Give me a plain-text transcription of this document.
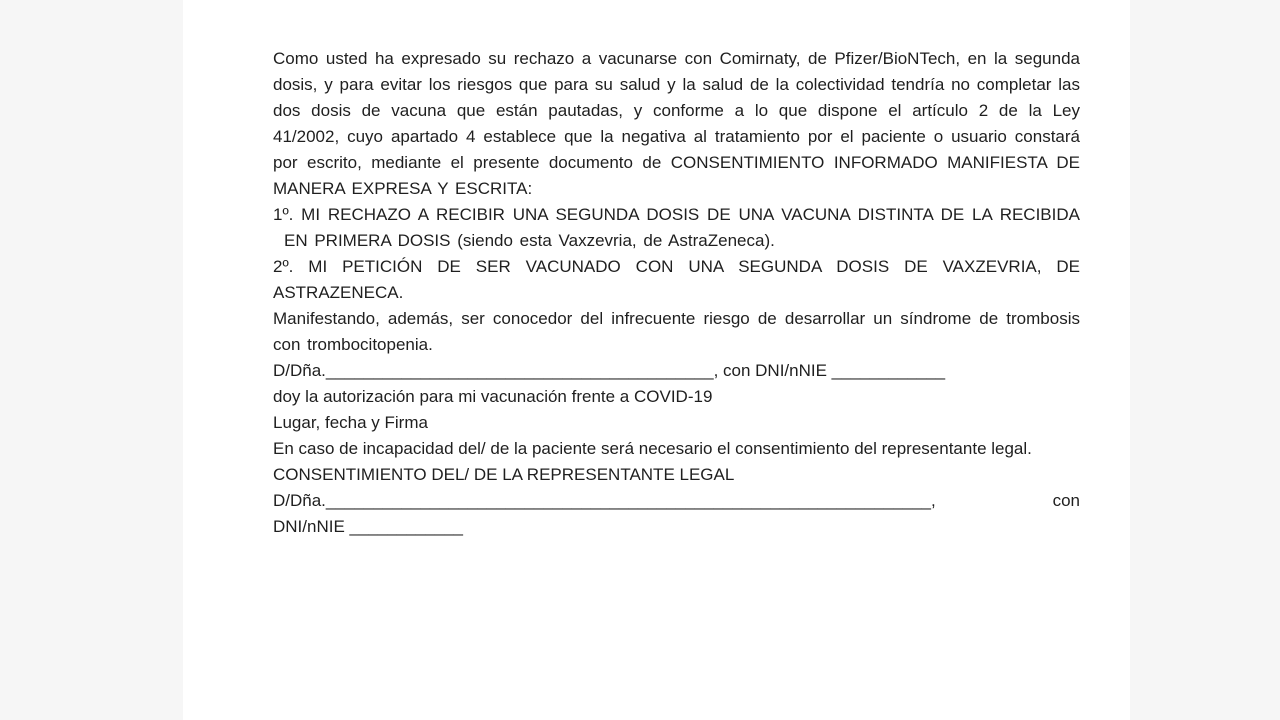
Como usted ha expresado su rechazo a vacunarse con Comirnaty, de Pfizer/BioNTech, en la segunda dosis, y para evitar los riesgos que para su salud y la salud de la colectividad tendría no completar las dos dosis de vacuna que están pautadas, y conforme a lo que dispone el artículo 2 de la Ley 41/2002, cuyo apartado 4 establece que la negativa al tratamiento por el paciente o usuario constará por escrito, mediante el presente documento de CONSENTIMIENTO INFORMADO MANIFIESTA DE MANERA EXPRESA Y ESCRITA:

1º. MI RECHAZO A RECIBIR UNA SEGUNDA DOSIS DE UNA VACUNA DISTINTA DE LA RECIBIDA EN PRIMERA DOSIS (siendo esta Vaxzevria, de AstraZeneca).

2º. MI PETICIÓN DE SER VACUNADO CON UNA SEGUNDA DOSIS DE VAXZEVRIA, DE ASTRAZENECA.

Manifestando, además, ser conocedor del infrecuente riesgo de desarrollar un síndrome de trombosis con trombocitopenia.

D/Dña._________________________________________, con DNI/nNIE ____________

doy la autorización para mi vacunación frente a COVID-19

Lugar, fecha y Firma

En caso de incapacidad del/ de la paciente será necesario el consentimiento del representante legal.

CONSENTIMIENTO DEL/ DE LA REPRESENTANTE LEGAL

D/Dña.________________________________________________________________,	con

DNI/nNIE ____________
